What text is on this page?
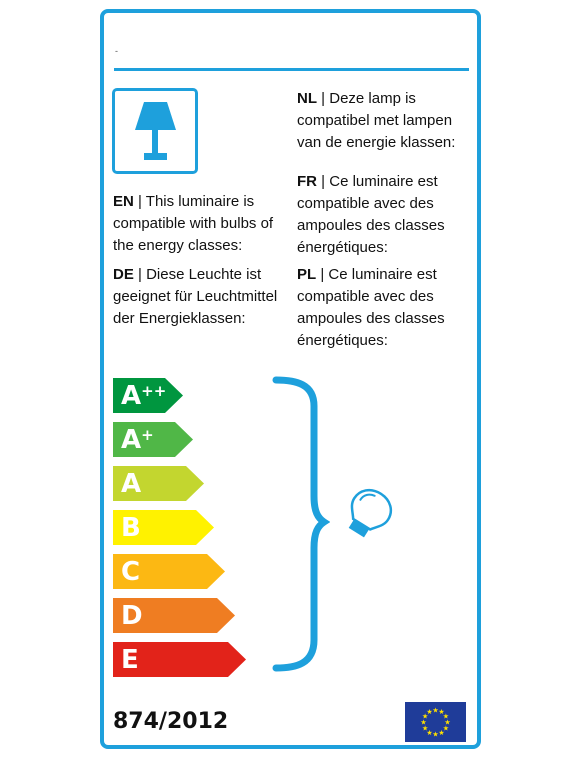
-
EN | This luminaire is compatible with bulbs of the energy classes:
DE | Diese Leuchte ist geeignet für Leuchtmittel der Energieklassen:
NL | Deze lamp is compatibel met lampen van de energie klassen:
FR | Ce luminaire est compatible avec des ampoules des classes énergétiques:
PL | Ce luminaire est compatible avec des ampoules des classes énergétiques:
A++
A+
A
B
C
D
E
874/2012	★ ★
★
★
★
★
★
★
★
★
★
★
